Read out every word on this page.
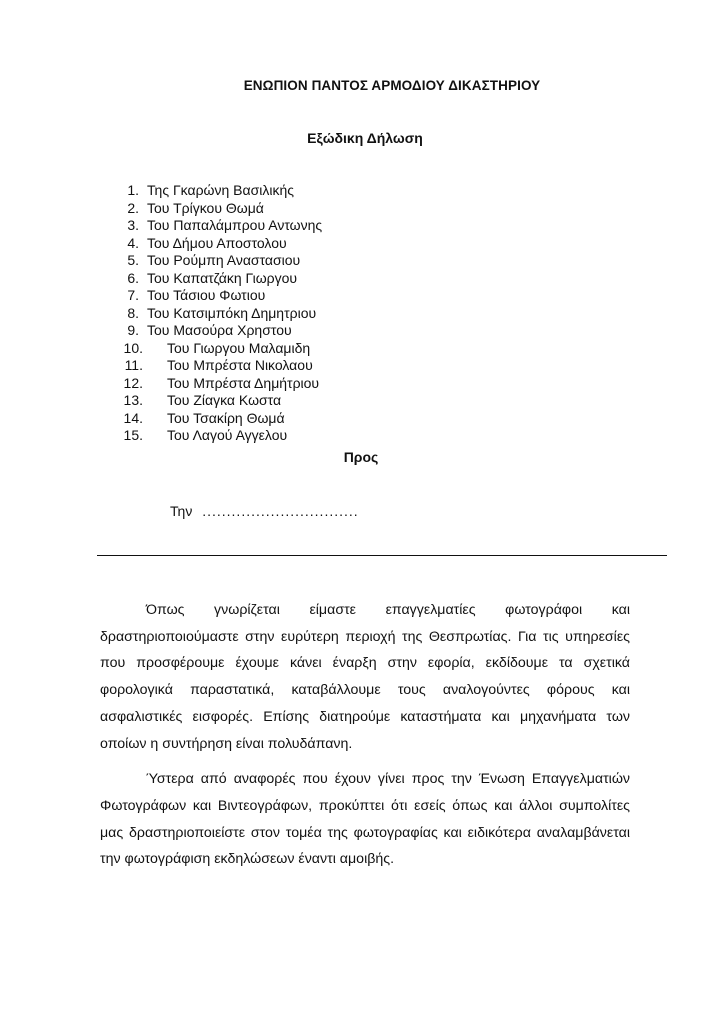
ΕΝΩΠΙΟΝ ΠΑΝΤΟΣ ΑΡΜΟΔΙΟΥ ΔΙΚΑΣΤΗΡΙΟΥ
Εξώδικη Δήλωση
1. Της Γκαρώνη Βασιλικής
2. Του Τρίγκου Θωμά
3. Του Παπαλάμπρου Αντωνης
4. Του Δήμου Αποστολου
5. Του Ρούμπη Αναστασιου
6. Του Καπατζάκη Γιωργου
7. Του Τάσιου Φωτιου
8. Του Κατσιμπόκη Δημητριου
9. Του Μασούρα Χρηστου
10. Του Γιωργου Μαλαμιδη
11. Του Μπρέστα Νικολαου
12. Του Μπρέστα Δημήτριου
13. Του Ζίαγκα Κωστα
14. Του Τσακίρη Θωμά
15. Του Λαγού Αγγελου
Προς
Την ................................

Όπως γνωρίζεται είμαστε επαγγελματίες φωτογράφοι και δραστηριοποιούμαστε στην ευρύτερη περιοχή της Θεσπρωτίας. Για τις υπηρεσίες που προσφέρουμε έχουμε κάνει έναρξη στην εφορία, εκδίδουμε τα σχετικά φορολογικά παραστατικά, καταβάλλουμε τους αναλογούντες φόρους και ασφαλιστικές εισφορές. Επίσης διατηρούμε καταστήματα και μηχανήματα των οποίων η συντήρηση είναι πολυδάπανη.

Ύστερα από αναφορές που έχουν γίνει προς την Ένωση Επαγγελματιών Φωτογράφων και Βιντεογράφων, προκύπτει ότι εσείς όπως και άλλοι συμπολίτες μας δραστηριοποιείστε στον τομέα της φωτογραφίας και ειδικότερα αναλαμβάνεται την φωτογράφιση εκδηλώσεων έναντι αμοιβής.
